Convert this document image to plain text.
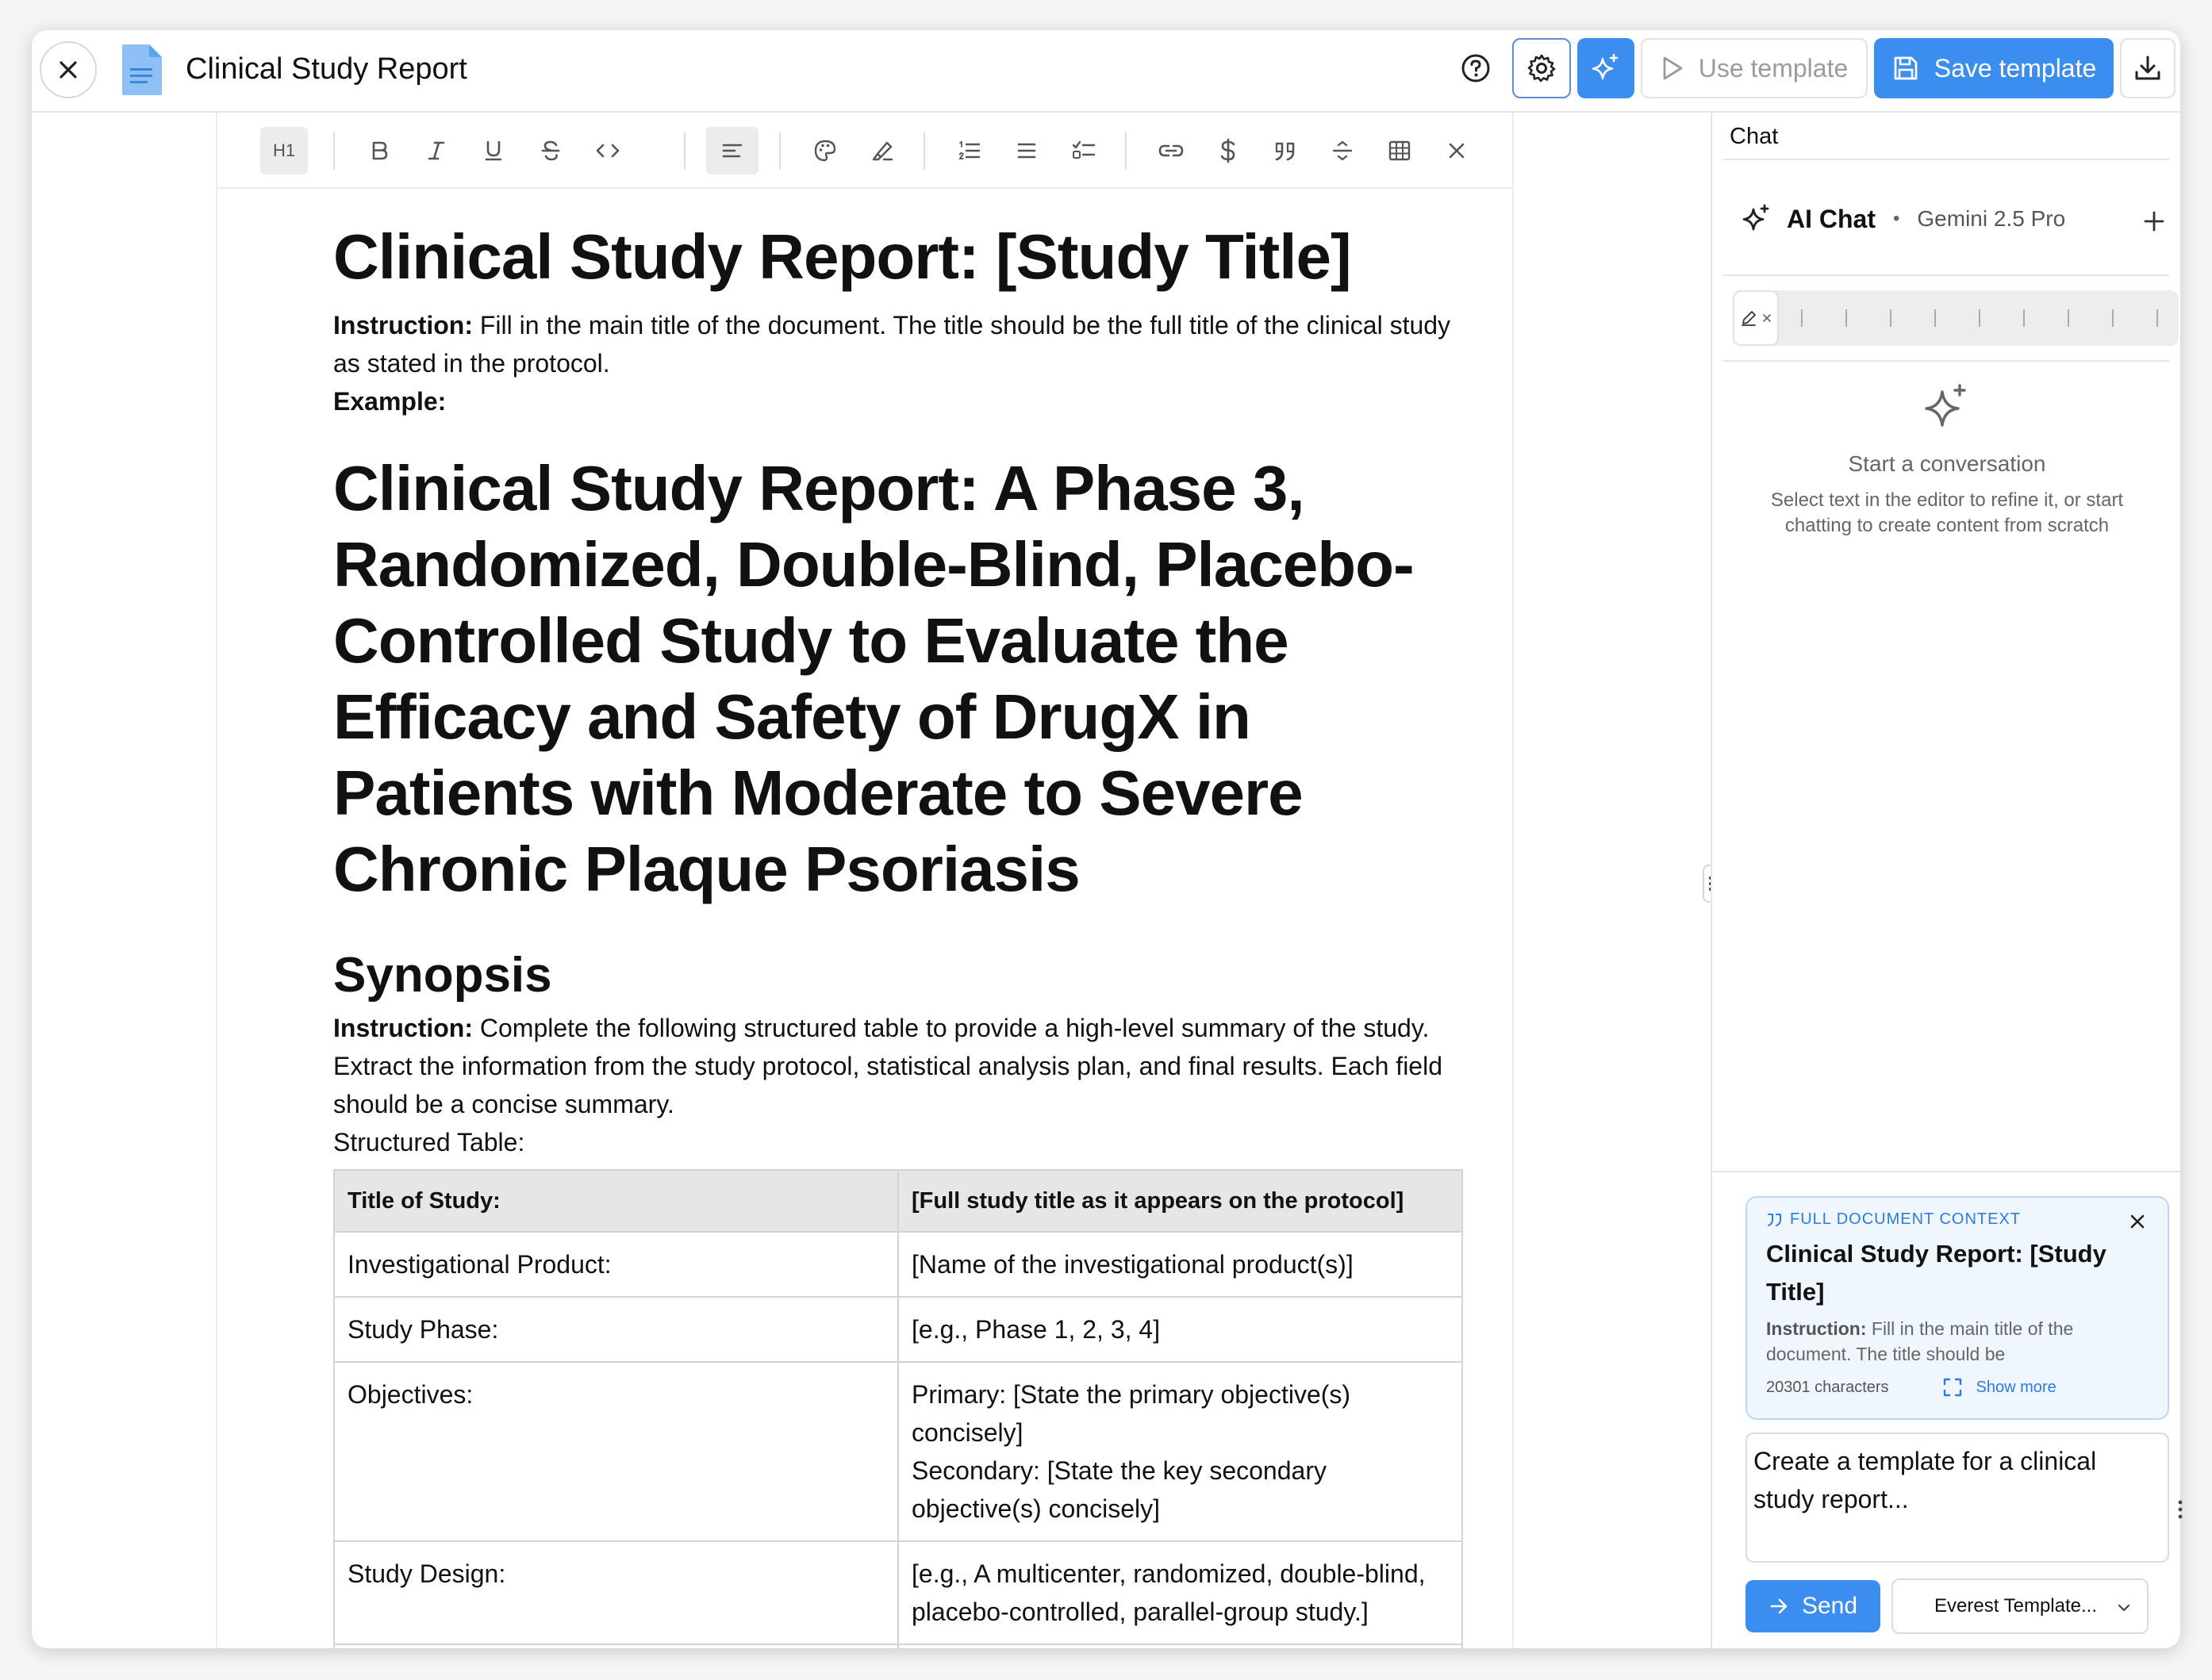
Clinical Study Report	Use template	Save template
H1
Clinical Study Report: [Study Title]
Instruction: Fill in the main title of the document. The title should be the full title of the clinical study as stated in the protocol.
Example:
Clinical Study Report: A Phase 3, Randomized, Double-Blind, Placebo-Controlled Study to Evaluate the Efficacy and Safety of DrugX in Patients with Moderate to Severe Chronic Plaque Psoriasis
Synopsis
Instruction: Complete the following structured table to provide a high-level summary of the study. Extract the information from the study protocol, statistical analysis plan, and final results. Each field should be a concise summary.
Structured Table:
Title of Study:	[Full study title as it appears on the protocol]
Investigational Product:	[Name of the investigational product(s)]
Study Phase:	[e.g., Phase 1, 2, 3, 4]
Objectives:	Primary: [State the primary objective(s) concisely]
Secondary: [State the key secondary objective(s) concisely]

Study Design:	[e.g., A multicenter, randomized, double-blind, placebo-controlled, parallel-group study.]

Chat
AI Chat • Gemini 2.5 Pro
Start a conversation
Select text in the editor to refine it, or start chatting to create content from scratch
FULL DOCUMENT CONTEXT
Clinical Study Report: [Study Title]
Instruction: Fill in the main title of the document. The title should be
20301 characters	Show more
Create a template for a clinical study report...
Send	Everest Template...
